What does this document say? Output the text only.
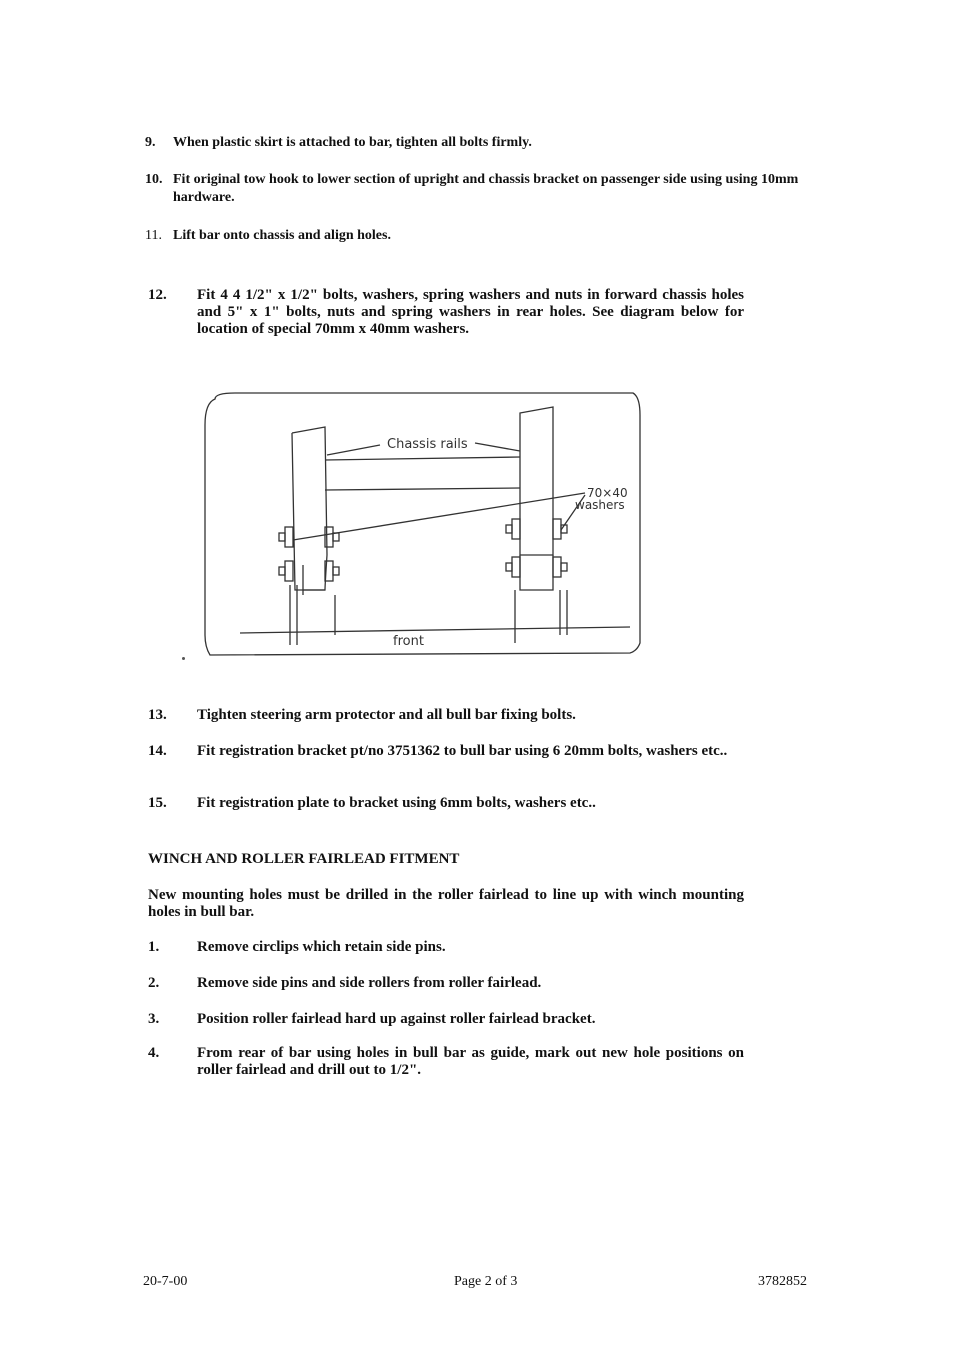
9. When plastic skirt is attached to bar, tighten all bolts firmly.
10. Fit original tow hook to lower section of upright and chassis bracket on passenger side using using 10mm hardware.
11. Lift bar onto chassis and align holes.
12. Fit 4 4 1/2" x 1/2" bolts, washers, spring washers and nuts in forward chassis holes and 5" x 1" bolts, nuts and spring washers in rear holes. See diagram below for location of special 70mm x 40mm washers.
Chassis rails
70×40
washers
front
13. Tighten steering arm protector and all bull bar fixing bolts.
14. Fit registration bracket pt/no 3751362 to bull bar using 6 20mm bolts, washers etc..
15. Fit registration plate to bracket using 6mm bolts, washers etc..
WINCH AND ROLLER FAIRLEAD FITMENT
New mounting holes must be drilled in the roller fairlead to line up with winch mounting holes in bull bar.
1.	Remove circlips which retain side pins.
2.	Remove side pins and side rollers from roller fairlead.
3.	Position roller fairlead hard up against roller fairlead bracket.
4.	From rear of bar using holes in bull bar as guide, mark out new hole positions on roller fairlead and drill out to 1/2".
20-7-00	Page 2 of 3	3782852
